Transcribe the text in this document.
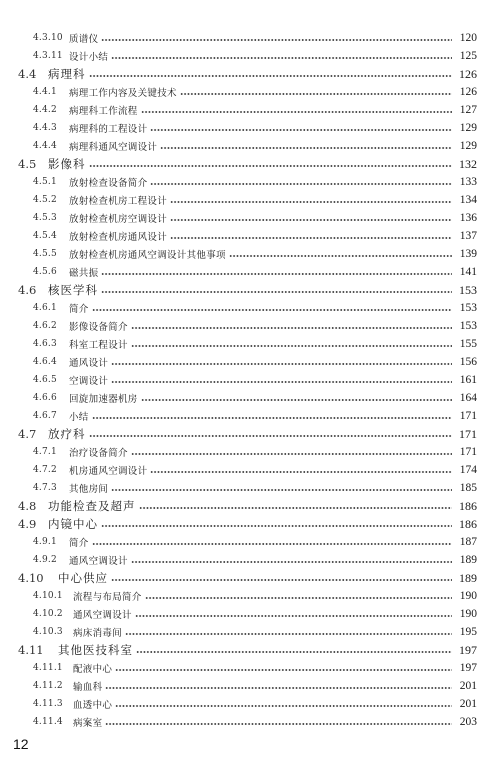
4.3.10 质谱仪	120
4.3.11 设计小结	125
4.4	病理科	126
4.4.1	病理工作内容及关键技术	126
4.4.2	病理科工作流程	127
4.4.3	病理科的工程设计	129
4.4.4	病理科通风空调设计	129
4.5	影像科	132
4.5.1	放射检查设备简介	133
4.5.2	放射检查机房工程设计	134
4.5.3	放射检查机房空调设计	136
4.5.4	放射检查机房通风设计	137
4.5.5	放射检查机房通风空调设计其他事项	139
4.5.6	磁共振	141
4.6	核医学科	153
4.6.1	简介	153
4.6.2	影像设备简介	153
4.6.3	科室工程设计	155
4.6.4	通风设计	156
4.6.5	空调设计	161
4.6.6	回旋加速器机房	164
4.6.7	小结	171
4.7	放疗科	171
4.7.1	治疗设备简介	171
4.7.2	机房通风空调设计	174
4.7.3	其他房间	185
4.8	功能检查及超声	186
4.9	内镜中心	186
4.9.1	简介	187
4.9.2	通风空调设计	189
4.10	中心供应	189
4.10.1	流程与布局简介	190
4.10.2	通风空调设计	190
4.10.3	病床消毒间	195
4.11	其他医技科室	197
4.11.1	配液中心	197
4.11.2	输血科	201
4.11.3	血透中心	201
4.11.4	病案室	203
12
